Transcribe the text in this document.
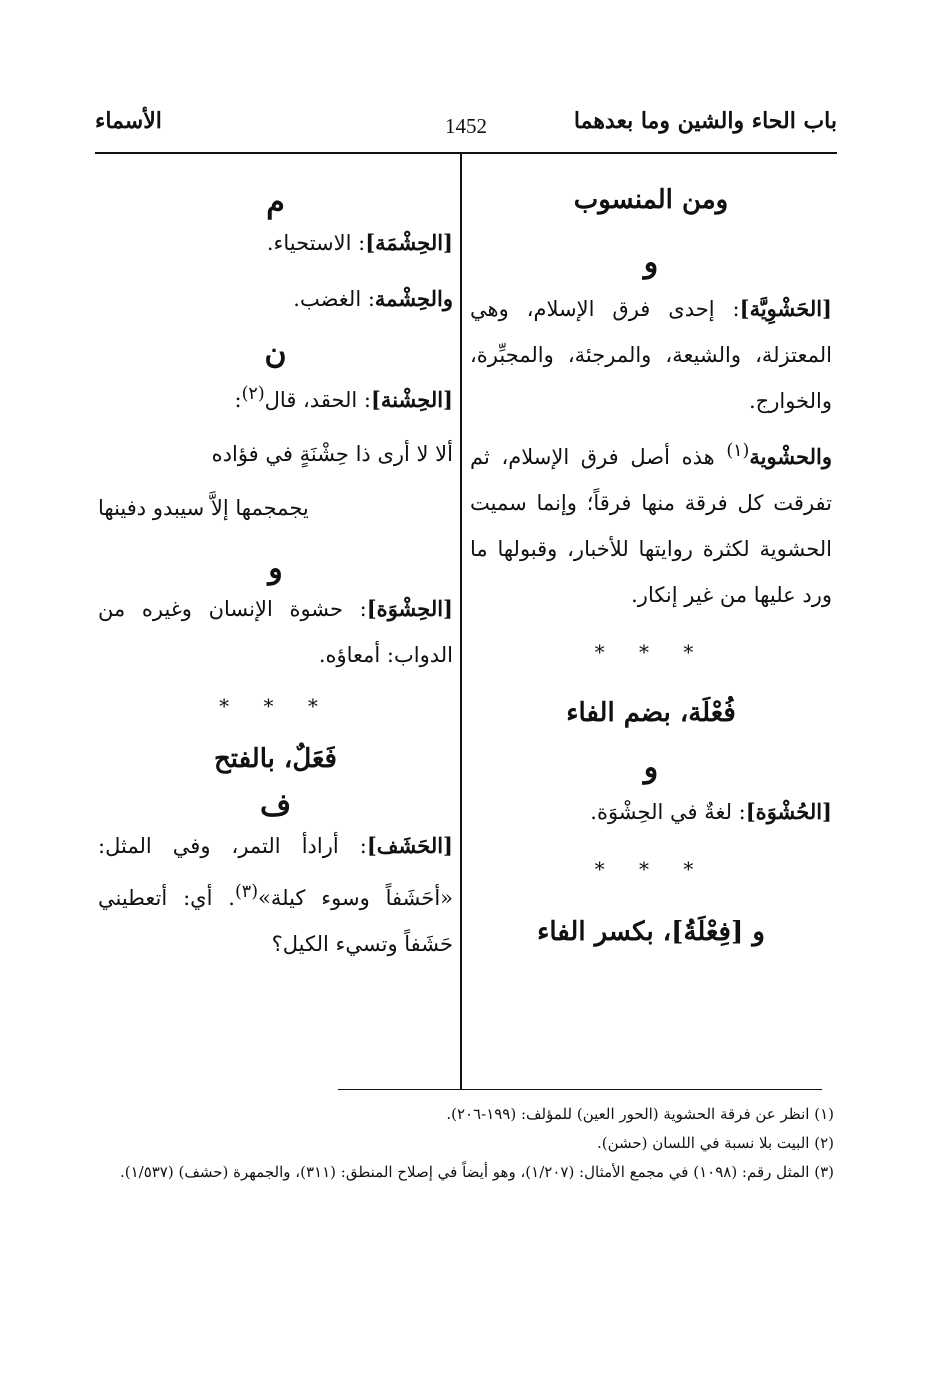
باب الحاء والشين وما بعدهما
1452
الأسماء
ومن المنسوب
و
[الحَشْوِيَّة]: إحدى فرق الإسلام، وهي المعتزلة، والشيعة، والمرجئة، والمجبِّرة، والخوارج.
والحشْوية$^{(١)}$ هذه أصل فرق الإسلام، ثم تفرقت كل فرقة منها فرقاً؛ وإنما سميت الحشوية لكثرة روايتها للأخبار، وقبولها ما ورد عليها من غير إنكار.
* * *
فُعْلَة، بضم الفاء
و
[الحُشْوَة]: لغةٌ في الحِشْوَة.
* * *
و [فِعْلَةُ]، بكسر الفاء
م
[الحِشْمَة]: الاستحياء.
والحِشْمة: الغضب.
ن
[الحِشْنة]: الحقد، قال$^{(٢)}$:
ألا لا أرى ذا حِشْنَةٍ في فؤاده
يجمجمها إلاَّ سيبدو دفينها
و
[الحِشْوَة]: حشوة الإنسان وغيره من الدواب: أمعاؤه.
* * *
فَعَلٌ، بالفتح
ف
[الحَشَف]: أرادأ التمر، وفي المثل: «أحَشَفاً وسوء كيلة»$^{(٣)}$. أي: أتعطيني حَشَفاً وتسيء الكيل؟

(١) انظر عن فرقة الحشوية (الحور العين) للمؤلف: (١٩٩-٢٠٦).

(٢) البيت بلا نسبة في اللسان (حشن).

(٣) المثل رقم: (١٠٩٨) في مجمع الأمثال: (١/٢٠٧)، وهو أيضاً في إصلاح المنطق: (٣١١)، والجمهرة (حشف) (١/٥٣٧).
